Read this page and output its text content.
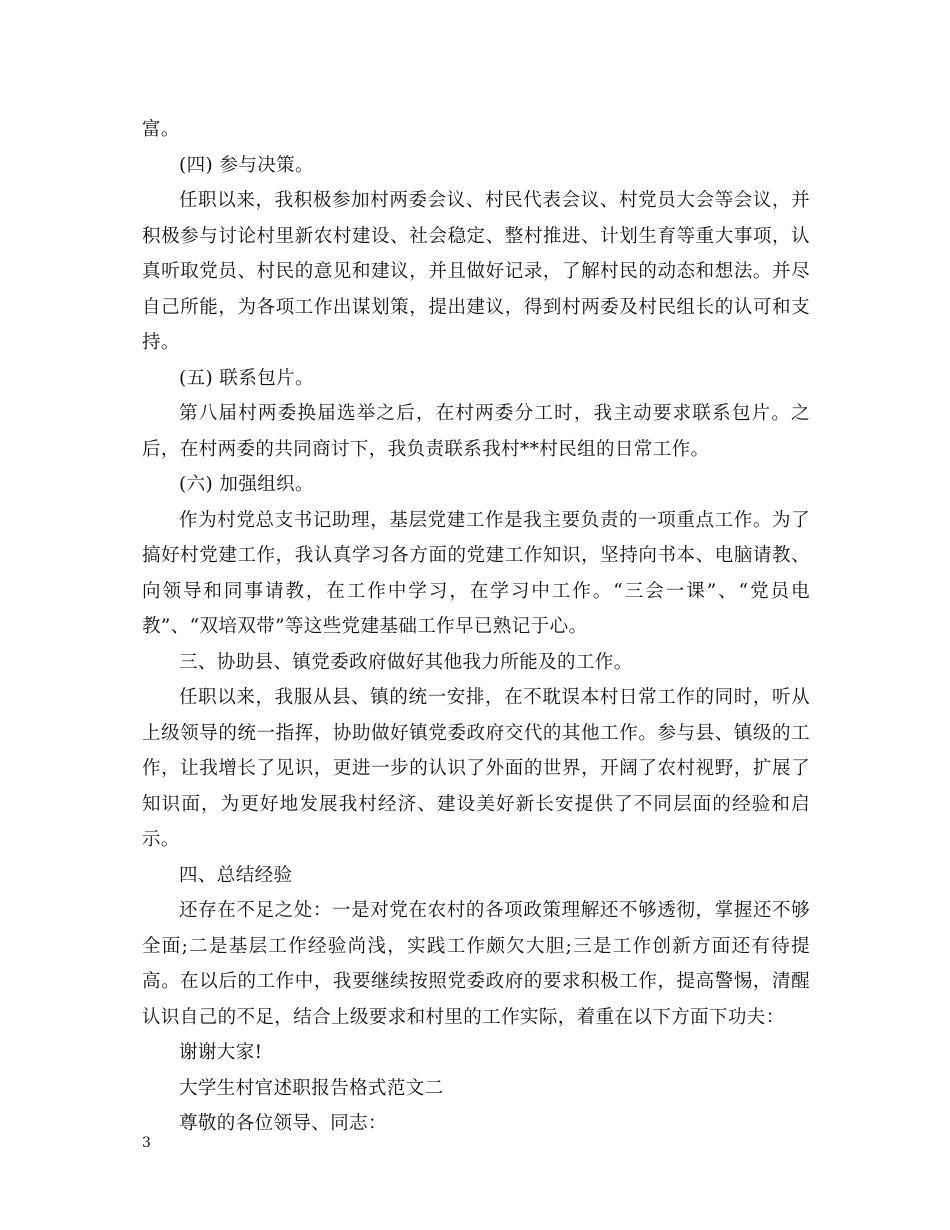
富。

(四) 参与决策。

任职以来，我积极参加村两委会议、村民代表会议、村党员大会等会议，并积极参与讨论村里新农村建设、社会稳定、整村推进、计划生育等重大事项，认真听取党员、村民的意见和建议，并且做好记录，了解村民的动态和想法。并尽自己所能，为各项工作出谋划策，提出建议，得到村两委及村民组长的认可和支持。

(五) 联系包片。

第八届村两委换届选举之后，在村两委分工时，我主动要求联系包片。之后，在村两委的共同商讨下，我负责联系我村**村民组的日常工作。

(六) 加强组织。

作为村党总支书记助理，基层党建工作是我主要负责的一项重点工作。为了搞好村党建工作，我认真学习各方面的党建工作知识，坚持向书本、电脑请教、向领导和同事请教，在工作中学习，在学习中工作。“三会一课”、“党员电教”、“双培双带”等这些党建基础工作早已熟记于心。

三、协助县、镇党委政府做好其他我力所能及的工作。

任职以来，我服从县、镇的统一安排，在不耽误本村日常工作的同时，听从上级领导的统一指挥，协助做好镇党委政府交代的其他工作。参与县、镇级的工作，让我增长了见识，更进一步的认识了外面的世界，开阔了农村视野，扩展了知识面，为更好地发展我村经济、建设美好新长安提供了不同层面的经验和启示。

四、总结经验

还存在不足之处：一是对党在农村的各项政策理解还不够透彻，掌握还不够全面;二是基层工作经验尚浅，实践工作颇欠大胆;三是工作创新方面还有待提高。在以后的工作中，我要继续按照党委政府的要求积极工作，提高警惕，清醒认识自己的不足，结合上级要求和村里的工作实际，着重在以下方面下功夫：

谢谢大家!

大学生村官述职报告格式范文二

尊敬的各位领导、同志：

3
